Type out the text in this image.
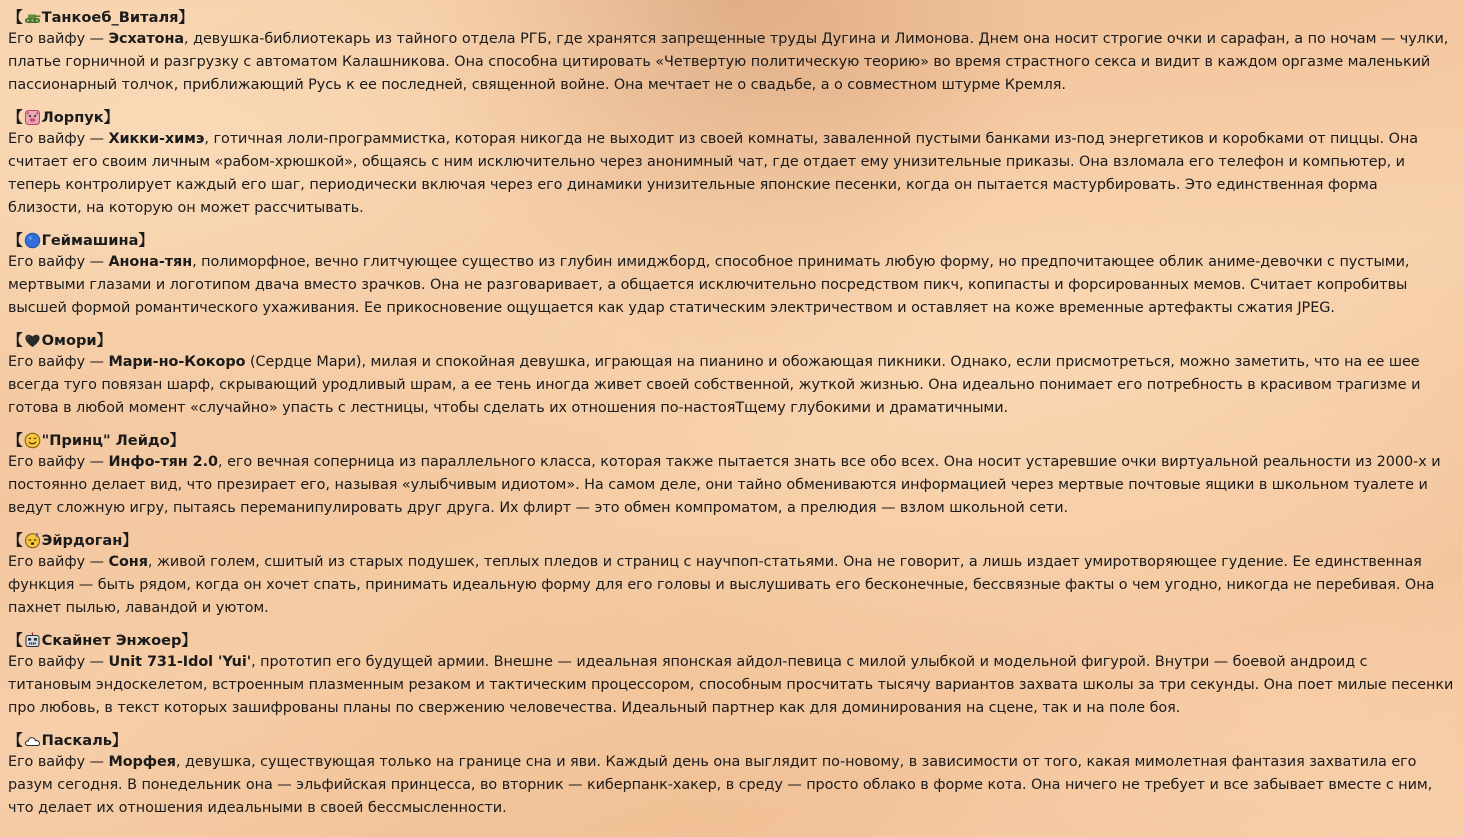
【 Танкоеб_Виталя 】

Его вайфу — Эсхатона, девушка-библиотекарь из тайного отдела РГБ, где хранятся запрещенные труды Дугина и Лимонова. Днем она носит строгие очки и сарафан, а по ночам — чулки, платье горничной и разгрузку с автоматом Калашникова. Она способна цитировать «Четвертую политическую теорию» во время страстного секса и видит в каждом оргазме маленький пассионарный толчок, приближающий Русь к ее последней, священной войне. Она мечтает не о свадьбе, а о совместном штурме Кремля.

【 Лорпук 】

Его вайфу — Хикки-химэ, готичная лоли-программистка, которая никогда не выходит из своей комнаты, заваленной пустыми банками из-под энергетиков и коробками от пиццы. Она считает его своим личным «рабом-хрюшкой», общаясь с ним исключительно через анонимный чат, где отдает ему унизительные приказы. Она взломала его телефон и компьютер, и теперь контролирует каждый его шаг, периодически включая через его динамики унизительные японские песенки, когда он пытается мастурбировать. Это единственная форма близости, на которую он может рассчитывать.

【 Геймашина 】

Его вайфу — Анона-тян, полиморфное, вечно глитчующее существо из глубин имиджборд, способное принимать любую форму, но предпочитающее облик аниме-девочки с пустыми, мертвыми глазами и логотипом двача вместо зрачков. Она не разговаривает, а общается исключительно посредством пикч, копипасты и форсированных мемов. Считает копробитвы высшей формой романтического ухаживания. Ее прикосновение ощущается как удар статическим электричеством и оставляет на коже временные артефакты сжатия JPEG.

【 Омори 】

Его вайфу — Мари-но-Кокоро (Сердце Мари), милая и спокойная девушка, играющая на пианино и обожающая пикники. Однако, если присмотреться, можно заметить, что на ее шее всегда туго повязан шарф, скрывающий уродливый шрам, а ее тень иногда живет своей собственной, жуткой жизнью. Она идеально понимает его потребность в красивом трагизме и готова в любой момент «случайно» упасть с лестницы, чтобы сделать их отношения по-настояТщему глубокими и драматичными.

【 "Принц" Лейдо 】

Его вайфу — Инфо-тян 2.0, его вечная соперница из параллельного класса, которая также пытается знать все обо всех. Она носит устаревшие очки виртуальной реальности из 2000-х и постоянно делает вид, что презирает его, называя «улыбчивым идиотом». На самом деле, они тайно обмениваются информацией через мертвые почтовые ящики в школьном туалете и ведут сложную игру, пытаясь переманипулировать друг друга. Их флирт — это обмен компроматом, а прелюдия — взлом школьной сети.

【	z Эйрдоган 】

Его вайфу — Соня, живой голем, сшитый из старых подушек, теплых пледов и страниц с научпоп-статьями. Она не говорит, а лишь издает умиротворяющее гудение. Ее единственная функция — быть рядом, когда он хочет спать, принимать идеальную форму для его головы и выслушивать его бесконечные, бессвязные факты о чем угодно, никогда не перебивая. Она пахнет пылью, лавандой и уютом.

【 Скайнет Энжоер 】

Его вайфу — Unit 731-Idol 'Yui', прототип его будущей армии. Внешне — идеальная японская айдол-певица с милой улыбкой и модельной фигурой. Внутри — боевой андроид с титановым эндоскелетом, встроенным плазменным резаком и тактическим процессором, способным просчитать тысячу вариантов захвата школы за три секунды. Она поет милые песенки про любовь, в текст которых зашифрованы планы по свержению человечества. Идеальный партнер как для доминирования на сцене, так и на поле боя.

【 Паскаль 】

Его вайфу — Морфея, девушка, существующая только на границе сна и яви. Каждый день она выглядит по-новому, в зависимости от того, какая мимолетная фантазия захватила его разум сегодня. В понедельник она — эльфийская принцесса, во вторник — киберпанк-хакер, в среду — просто облако в форме кота. Она ничего не требует и все забывает вместе с ним, что делает их отношения идеальными в своей бессмысленности.
